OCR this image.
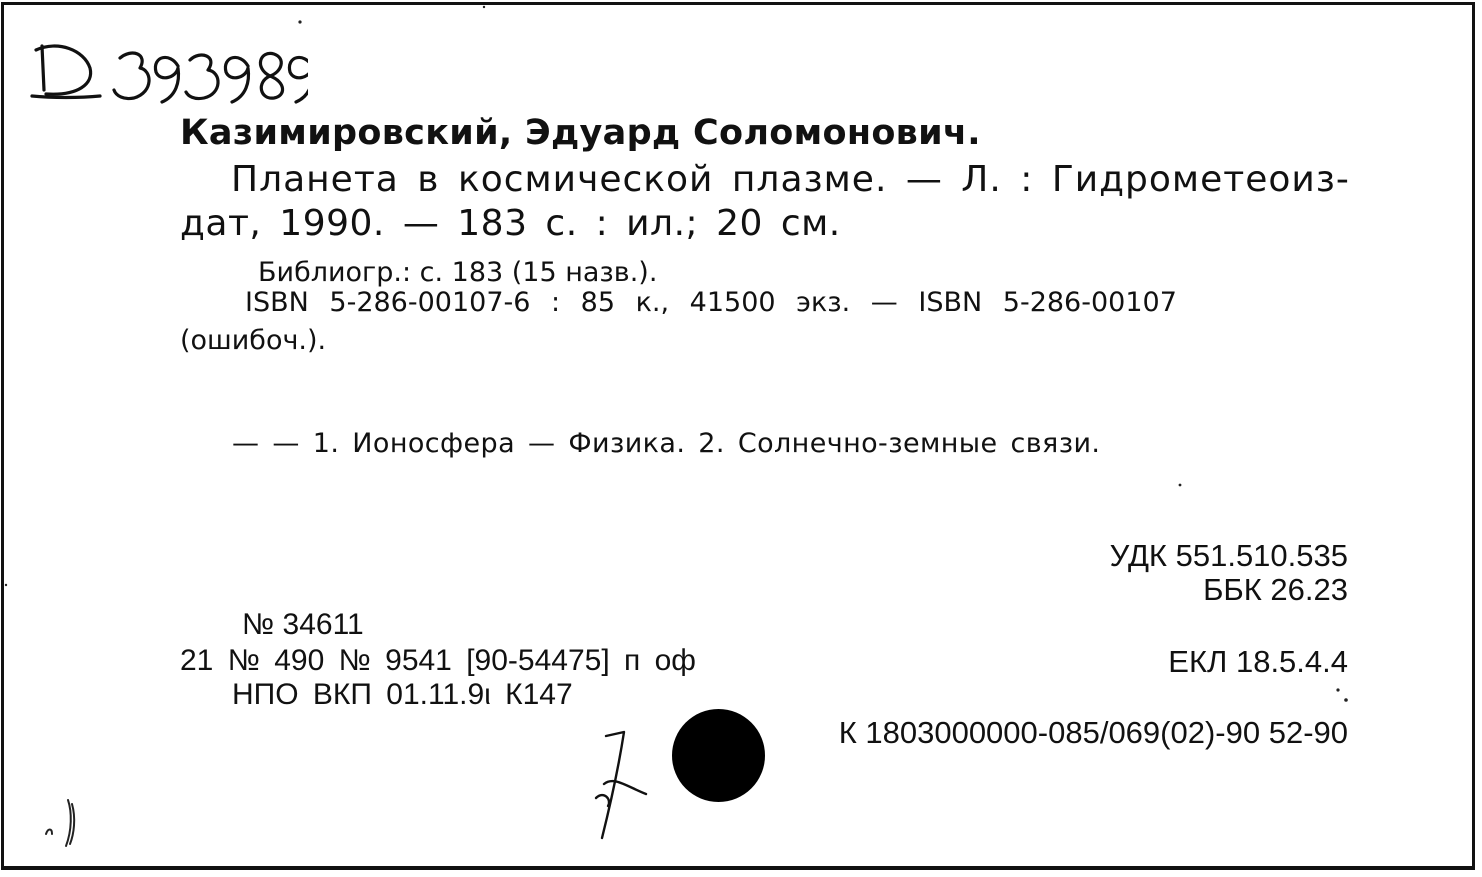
Казимировский, Эдуард Соломонович.
Планета в космической плазме. — Л. : Гидрометеоиз-
дат, 1990. — 183 с. : ил.; 20 см.
Библиогр.: с. 183 (15 назв.).
ISBN 5-286-00107-6 : 85 к., 41500 экз. — ISBN 5-286-00107
(ошибоч.).
— — 1. Ионосфера — Физика. 2. Солнечно-земные связи.
УДК 551.510.535
ББК 26.23
№ 34611
21 № 490 № 9541 [90-54475] п оф
НПО ВКП 01.11.9ι К147
ЕКЛ 18.5.4.4
К 1803000000-085/069(02)-90 52-90
